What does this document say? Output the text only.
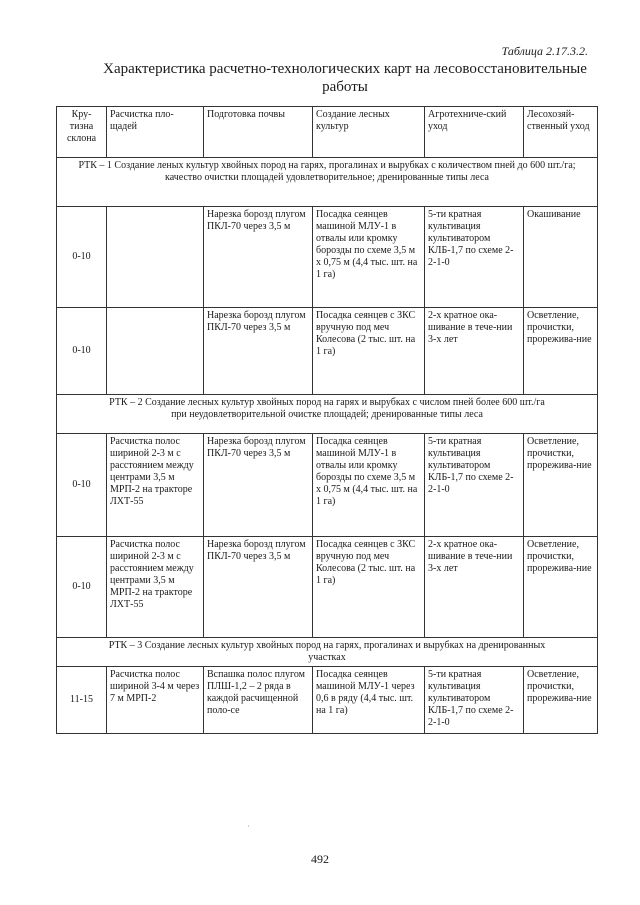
Таблица 2.17.3.2.
Характеристика расчетно-технологических карт на лесовосстановительные
работы
Кру-тизна склона	Расчистка пло-щадей	Подготовка почвы	Создание лесных культур	Агротехниче-ский уход	Лесохозяй-ственный уход

РТК – 1 Создание леных культур хвойных пород на гарях, прогалинах и вырубках с количеством пней до 600 шт./га;
качество очистки площадей удовлетворительное; дренированные типы леса					

0-10		Нарезка борозд плугом ПКЛ-70 через 3,5 м	Посадка сеянцев машиной МЛУ-1 в отвалы или кромку борозды по схеме 3,5 м х 0,75 м (4,4 тыс. шт. на 1 га)	5-ти кратная культивация культиватором КЛБ-1,7 по схеме 2-2-1-0	Окашивание
0-10		Нарезка борозд плугом ПКЛ-70 через 3,5 м	Посадка сеянцев с ЗКС вручную под меч Колесова (2 тыс. шт. на 1 га)	2-х кратное ока-шивание в тече-нии 3-х лет	Осветление, прочистки, прорежива-ние

РТК – 2 Создание лесных культур хвойных пород на гарях и вырубках с числом пней более 600 шт./га
при неудовлетворительной очистке площадей; дренированные типы леса					

0-10	Расчистка полос шириной 2-3 м с расстоянием между центрами 3,5 м МРП-2 на тракторе ЛХТ-55	Нарезка борозд плугом ПКЛ-70 через 3,5 м	Посадка сеянцев машиной МЛУ-1 в отвалы или кромку борозды по схеме 3,5 м х 0,75 м (4,4 тыс. шт. на 1 га)	5-ти кратная культивация культиватором КЛБ-1,7 по схеме 2-2-1-0	Осветление, прочистки, прорежива-ние
0-10	Расчистка полос шириной 2-3 м с расстоянием между центрами 3,5 м МРП-2 на тракторе ЛХТ-55	Нарезка борозд плугом ПКЛ-70 через 3,5 м	Посадка сеянцев с ЗКС вручную под меч Колесова (2 тыс. шт. на 1 га)	2-х кратное ока-шивание в тече-нии 3-х лет	Осветление, прочистки, прорежива-ние

РТК – 3 Создание лесных культур хвойных пород на гарях, прогалинах и вырубках на дренированных
участках					

11-15	Расчистка полос шириной 3-4 м через 7 м МРП-2	Вспашка полос плугом ПЛШ-1,2 – 2 ряда в каждой расчищенной поло-се	Посадка сеянцев машиной МЛУ-1 через 0,6 в ряду (4,4 тыс. шт. на 1 га)	5-ти кратная культивация культиватором КЛБ-1,7 по схеме 2-2-1-0	Осветление, прочистки, прорежива-ние
·
492
